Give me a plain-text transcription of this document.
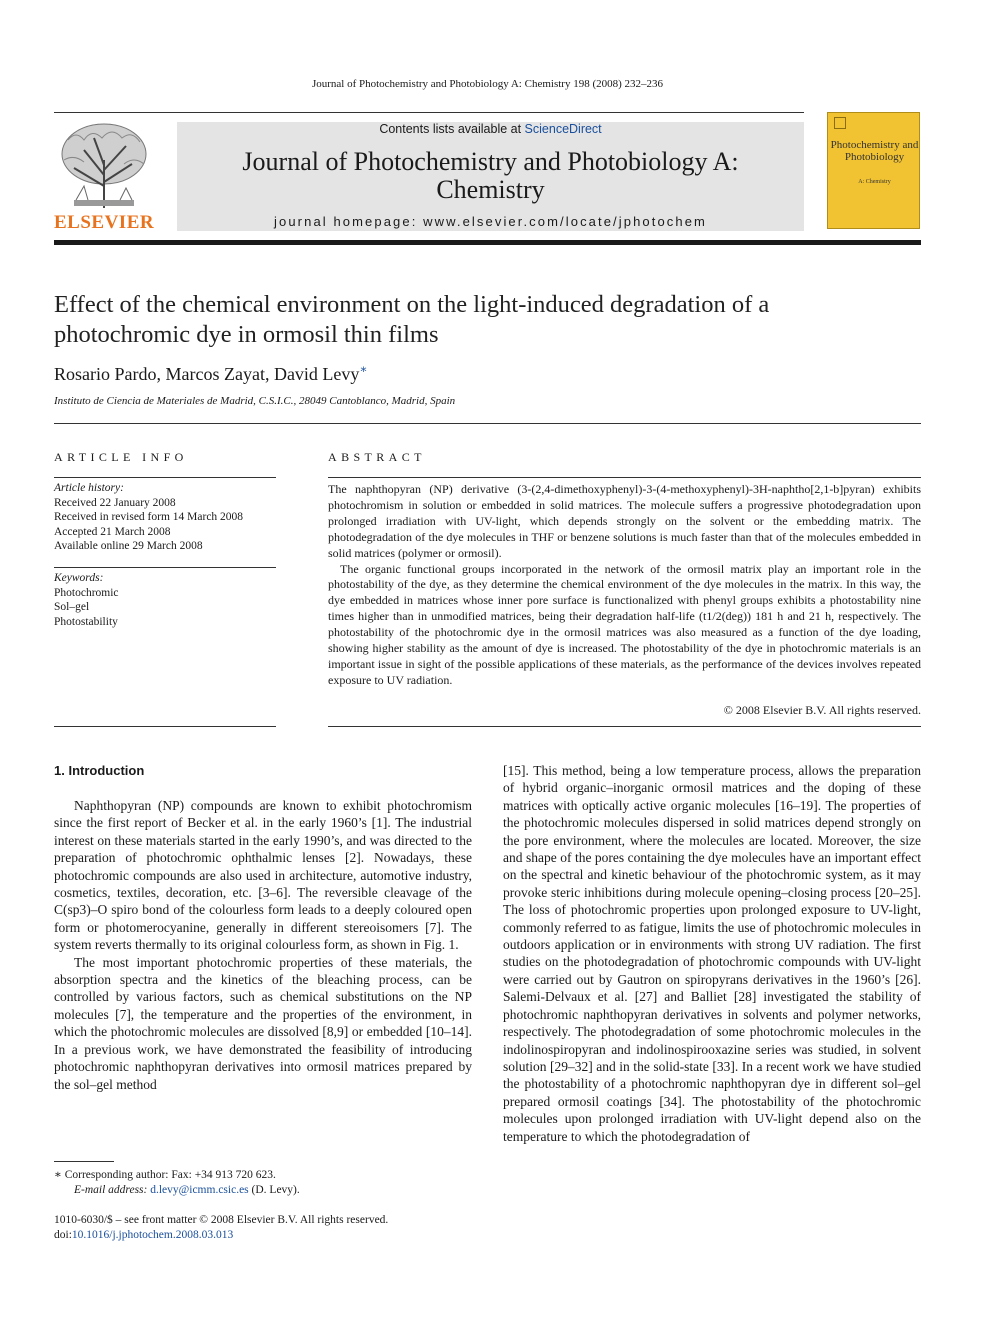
Journal of Photochemistry and Photobiology A: Chemistry 198 (2008) 232–236
ELSEVIER
Contents lists available at ScienceDirect
Journal of Photochemistry and Photobiology A:
Chemistry
journal homepage: www.elsevier.com/locate/jphotochem
Photochemistry and Photobiology
A: Chemistry
Effect of the chemical environment on the light-induced degradation of a
photochromic dye in ormosil thin films
Rosario Pardo, Marcos Zayat, David Levy∗
Instituto de Ciencia de Materiales de Madrid, C.S.I.C., 28049 Cantoblanco, Madrid, Spain
ARTICLE INFO
Article history:
Received 22 January 2008
Received in revised form 14 March 2008
Accepted 21 March 2008
Available online 29 March 2008
Keywords:
Photochromic
Sol–gel
Photostability
ABSTRACT

The naphthopyran (NP) derivative (3-(2,4-dimethoxyphenyl)-3-(4-methoxyphenyl)-3H-naphtho[2,1-b]pyran) exhibits photochromism in solution or embedded in solid matrices. The molecule suffers a progressive photodegradation upon prolonged irradiation with UV-light, which depends strongly on the solvent or the embedding matrix. The photodegradation of the dye molecules in THF or benzene solutions is much faster than that of the molecules embedded in solid matrices (polymer or ormosil).

The organic functional groups incorporated in the network of the ormosil matrix play an important role in the photostability of the dye, as they determine the chemical environment of the dye molecules in the matrix. In this way, the dye embedded in matrices whose inner pore surface is functionalized with phenyl groups exhibits a photostability nine times higher than in unmodified matrices, being their degradation half-life (t1/2(deg)) 181 h and 21 h, respectively. The photostability of the photochromic dye in the ormosil matrices was also measured as a function of the dye loading, showing higher stability as the amount of dye is increased. The photostability of the dye in photochromic materials is an important issue in sight of the possible applications of these materials, as the performance of the devices involves repeated exposure to UV radiation.

© 2008 Elsevier B.V. All rights reserved.
1. Introduction

Naphthopyran (NP) compounds are known to exhibit photochromism since the first report of Becker et al. in the early 1960’s [1]. The industrial interest on these materials started in the early 1990’s, and was directed to the preparation of photochromic ophthalmic lenses [2]. Nowadays, these photochromic compounds are also used in architecture, automotive industry, cosmetics, textiles, decoration, etc. [3–6]. The reversible cleavage of the C(sp3)–O spiro bond of the colourless form leads to a deeply coloured open form or photomerocyanine, generally in different stereoisomers [7]. The system reverts thermally to its original colourless form, as shown in Fig. 1.

The most important photochromic properties of these materials, the absorption spectra and the kinetics of the bleaching process, can be controlled by various factors, such as chemical substitutions on the NP molecules [7], the temperature and the properties of the environment, in which the photochromic molecules are dissolved [8,9] or embedded [10–14]. In a previous work, we have demonstrated the feasibility of introducing photochromic naphthopyran derivatives into ormosil matrices prepared by the sol–gel method

[15]. This method, being a low temperature process, allows the preparation of hybrid organic–inorganic ormosil matrices and the doping of these matrices with optically active organic molecules [16–19]. The properties of the photochromic molecules dispersed in solid matrices depend strongly on the pore environment, where the molecules are located. Moreover, the size and shape of the pores containing the dye molecules have an important effect on the spectral and kinetic behaviour of the photochromic system, as it may provoke steric inhibitions during molecule opening–closing process [20–25]. The loss of photochromic properties upon prolonged exposure to UV-light, commonly referred to as fatigue, limits the use of photochromic molecules in outdoors application or in environments with strong UV radiation. The first studies on the photodegradation of photochromic compounds with UV-light were carried out by Gautron on spiropyrans derivatives in the 1960’s [26]. Salemi-Delvaux et al. [27] and Balliet [28] investigated the stability of photochromic naphthopyran derivatives in solvents and polymer networks, respectively. The photodegradation of some photochromic molecules in the indolinospiropyran and indolinospirooxazine series was studied, in solvent solution [29–32] and in the solid-state [33]. In a recent work we have studied the photostability of a photochromic naphthopyran dye in different sol–gel prepared ormosil coatings [34]. The photostability of the photochromic molecules upon prolonged irradiation with UV-light depend also on the temperature to which the photodegradation of

∗ Corresponding author: Fax: +34 913 720 623.
E-mail address: d.levy@icmm.csic.es (D. Levy).
1010-6030/$ – see front matter © 2008 Elsevier B.V. All rights reserved.
doi:10.1016/j.jphotochem.2008.03.013
